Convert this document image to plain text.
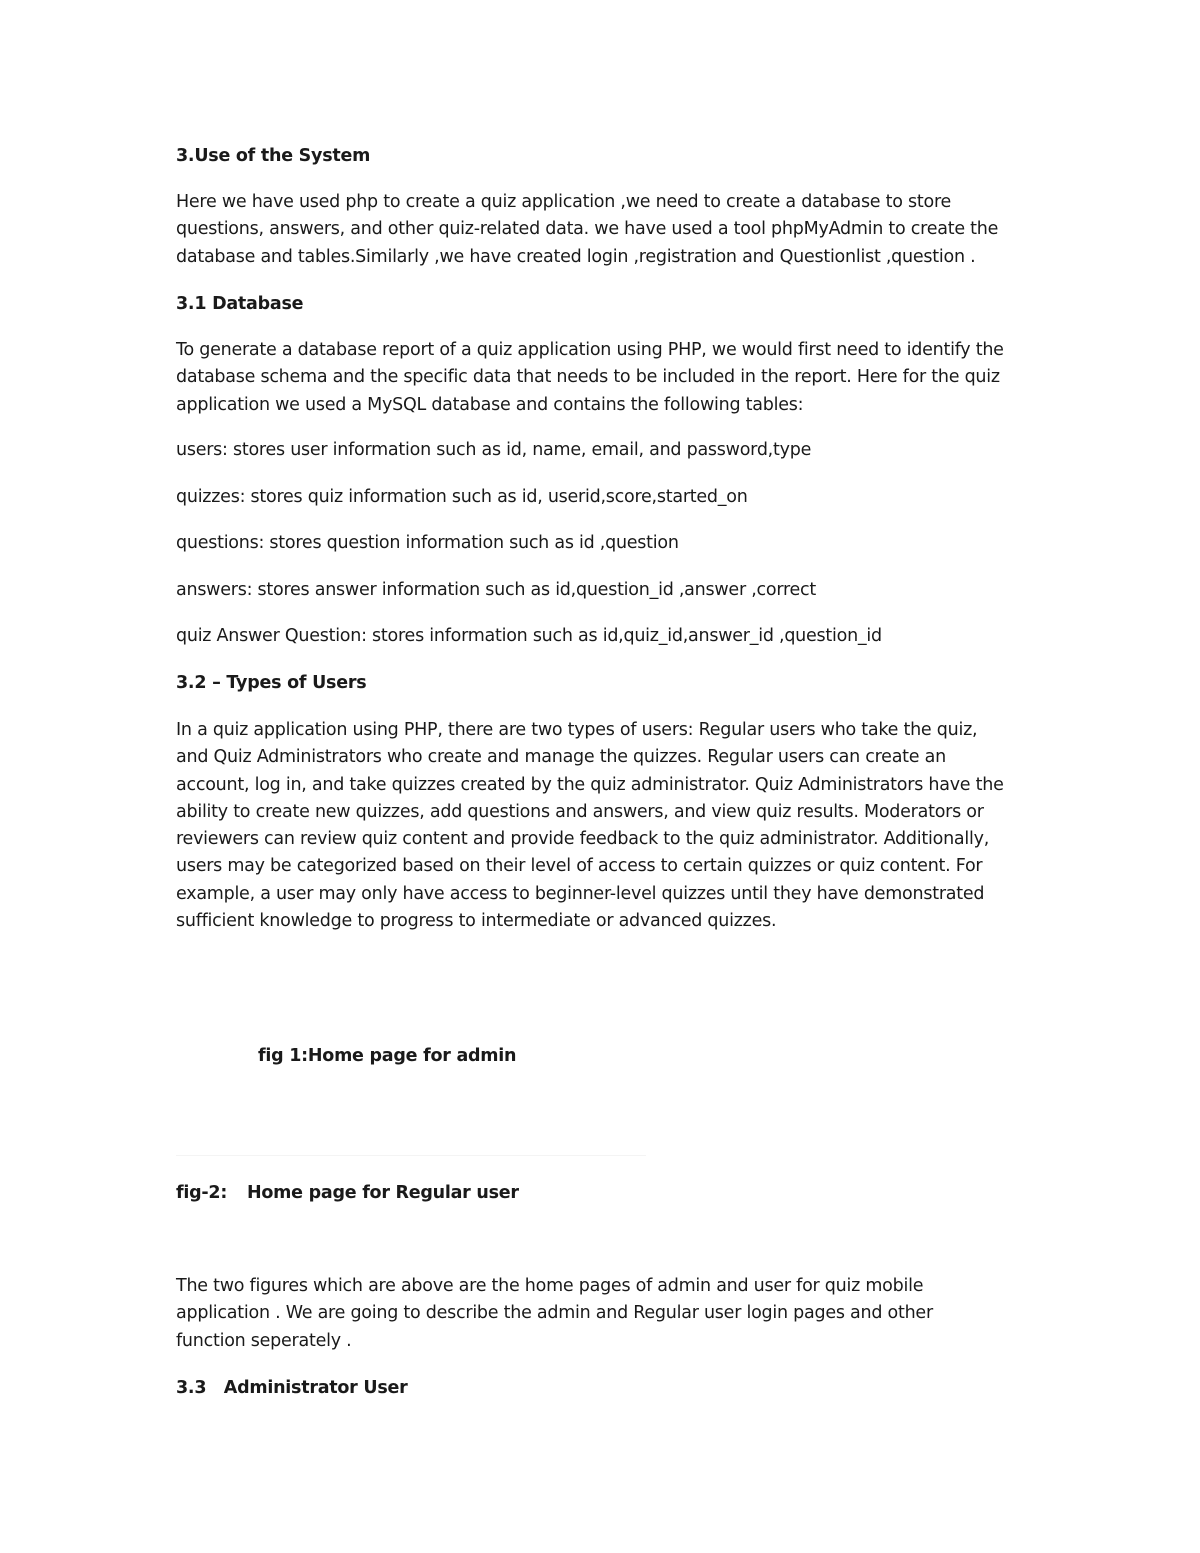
3.Use of the System
Here we have used php to create a quiz application ,we need to create a database to store
questions, answers, and other quiz-related data. we have used a tool phpMyAdmin to create the
database and tables.Similarly ,we have created login ,registration and Questionlist ,question .
3.1 Database
To generate a database report of a quiz application using PHP, we would first need to identify the
database schema and the specific data that needs to be included in the report. Here for the quiz
application we used a MySQL database and contains the following tables:
users: stores user information such as id, name, email, and password,type
quizzes: stores quiz information such as id, userid,score,started_on
questions: stores question information such as id ,question
answers: stores answer information such as id,question_id ,answer ,correct
quiz Answer Question: stores information such as id,quiz_id,answer_id ,question_id
3.2 – Types of Users
In a quiz application using PHP, there are two types of users: Regular users who take the quiz,
and Quiz Administrators who create and manage the quizzes. Regular users can create an
account, log in, and take quizzes created by the quiz administrator. Quiz Administrators have the
ability to create new quizzes, add questions and answers, and view quiz results. Moderators or
reviewers can review quiz content and provide feedback to the quiz administrator. Additionally,
users may be categorized based on their level of access to certain quizzes or quiz content. For
example, a user may only have access to beginner-level quizzes until they have demonstrated
sufficient knowledge to progress to intermediate or advanced quizzes.
fig 1:Home page for admin
fig-2: Home page for Regular user
The two figures which are above are the home pages of admin and user for quiz mobile
application . We are going to describe the admin and Regular user login pages and other
function seperately .
3.3   Administrator User
